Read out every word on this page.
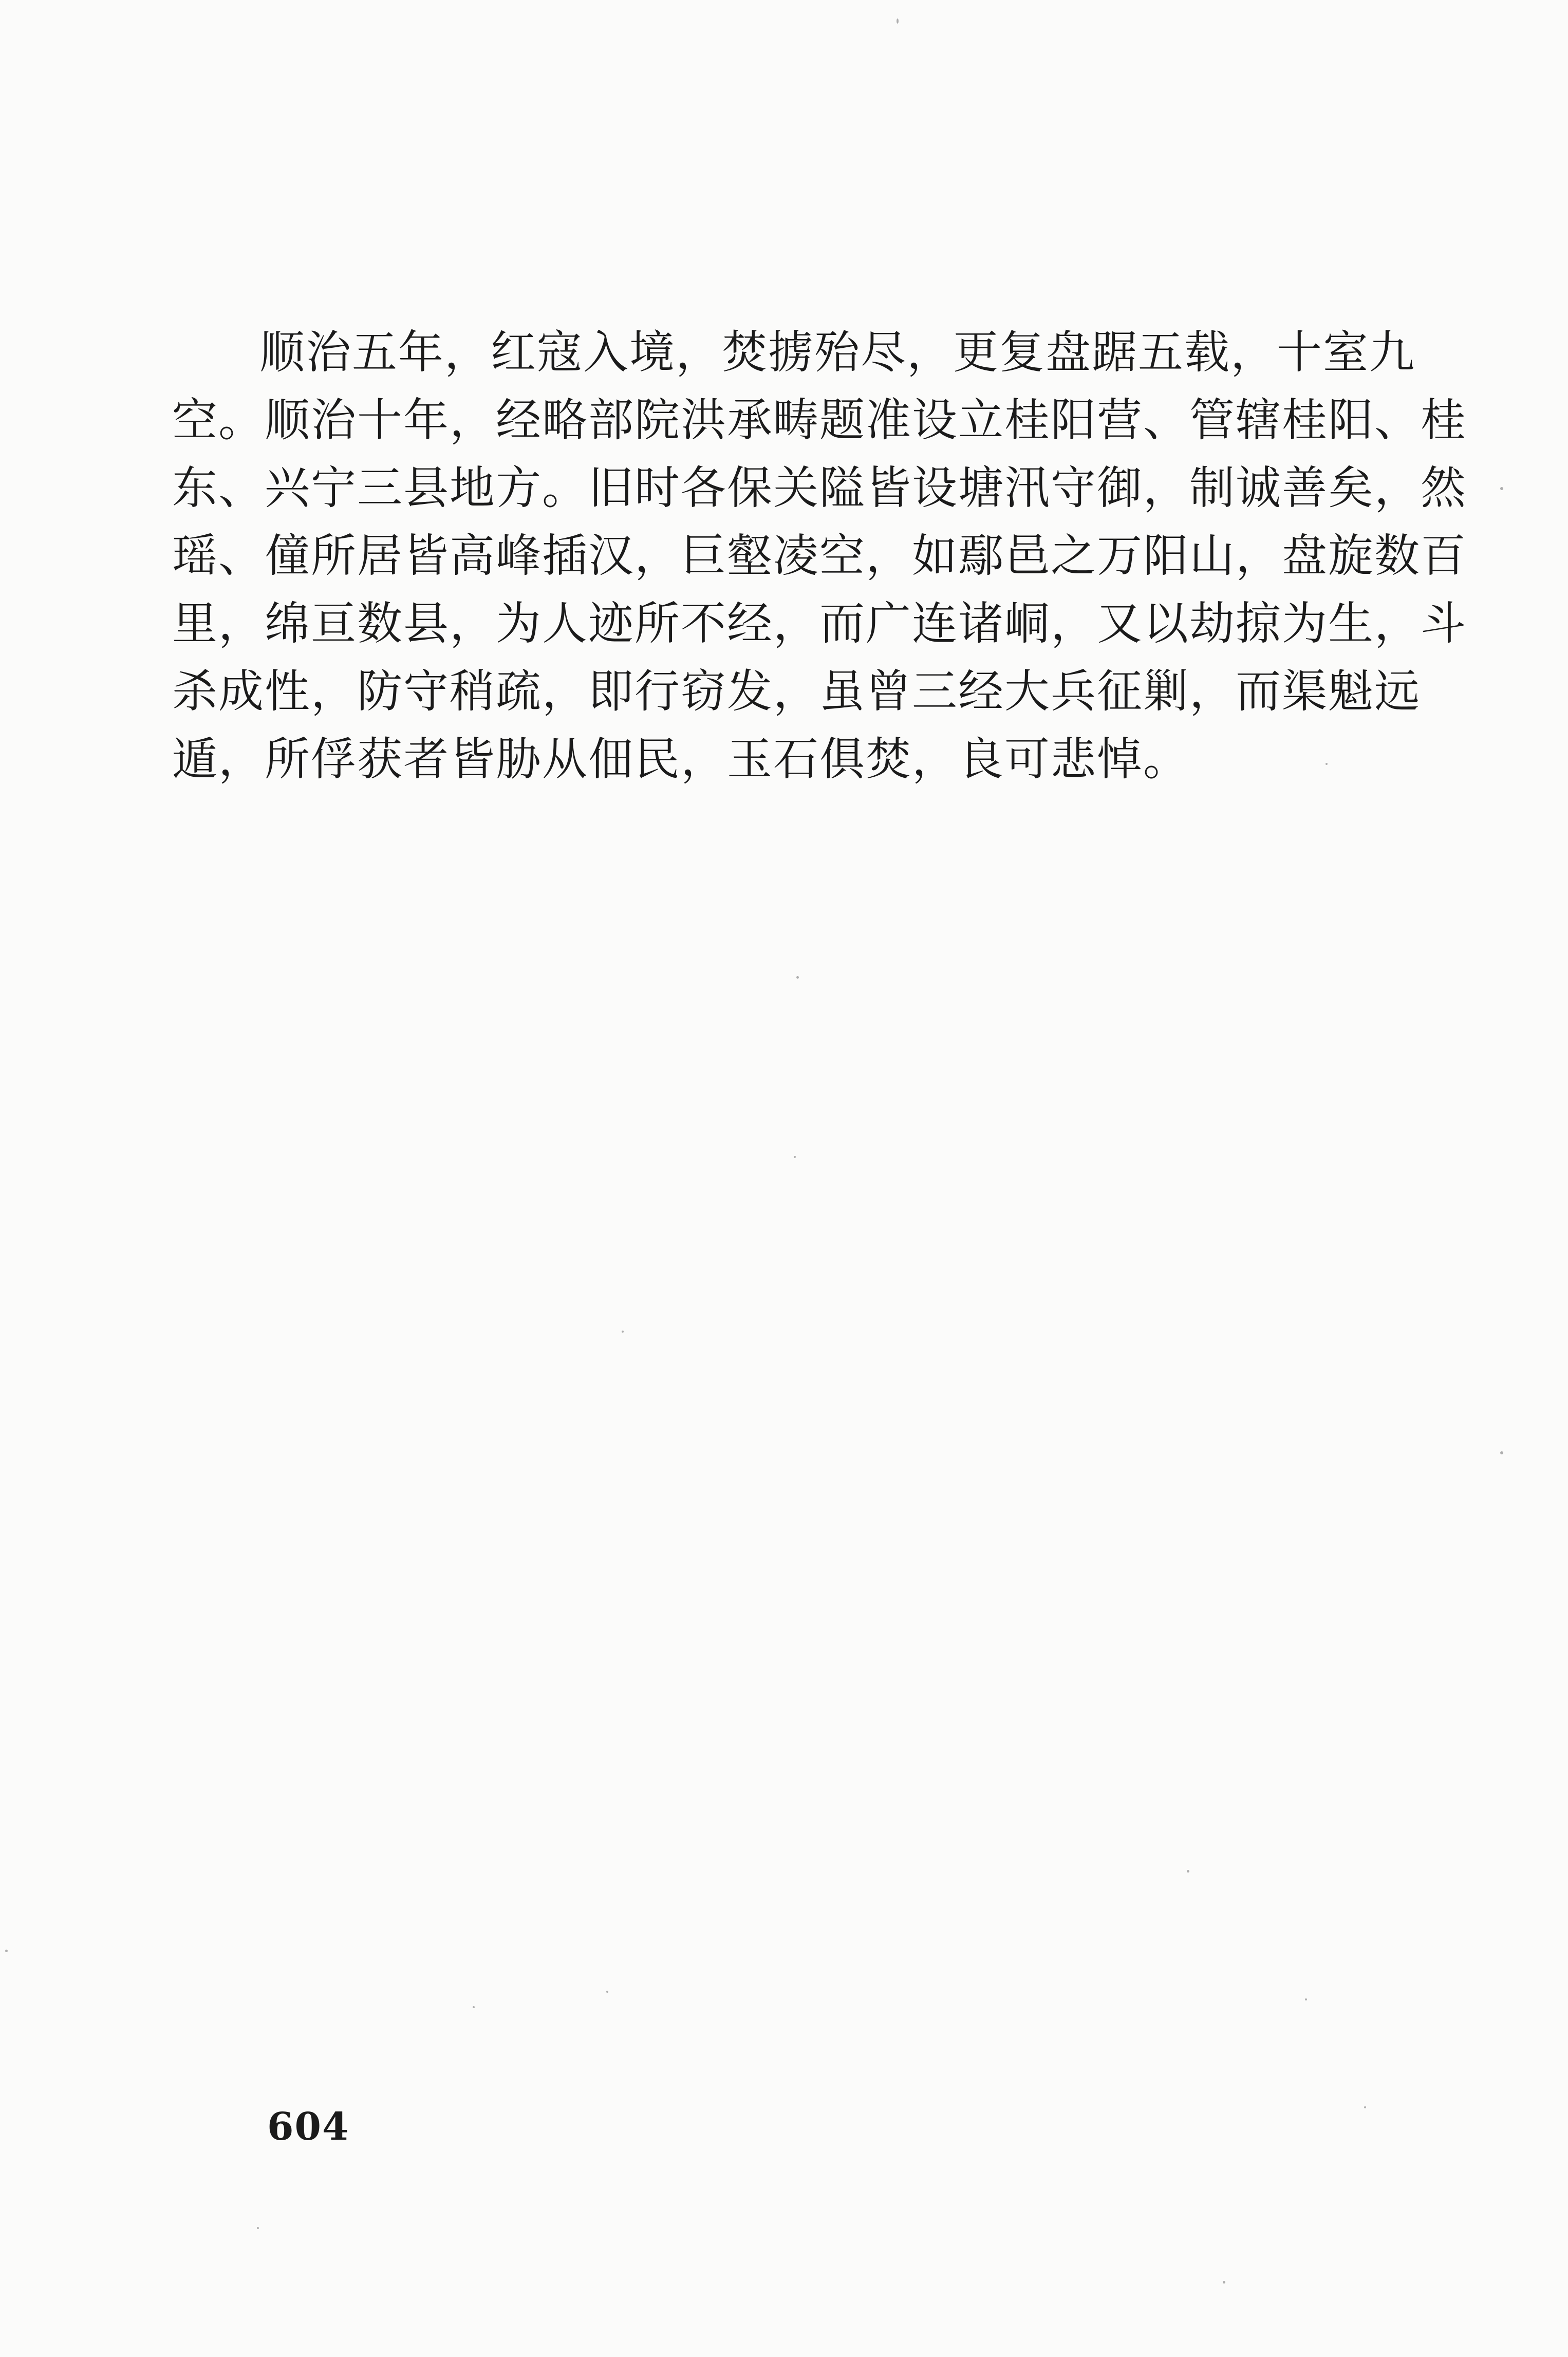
顺治五年，红寇入境，焚掳殆尽，更复盘踞五载，十室九
空。顺治十年，经略部院洪承畴题准设立桂阳营、管辖桂阳、桂
东、兴宁三县地方。旧时各保关隘皆设塘汛守御，制诚善矣，然
瑶、僮所居皆高峰插汉，巨壑凌空，如鄢邑之万阳山，盘旋数百
里，绵亘数县，为人迹所不经，而广连诸峒，又以劫掠为生，斗
杀成性，防守稍疏，即行窃发，虽曾三经大兵征剿，而渠魁远
遁，所俘获者皆胁从佃民，玉石俱焚，良可悲悼。
604
